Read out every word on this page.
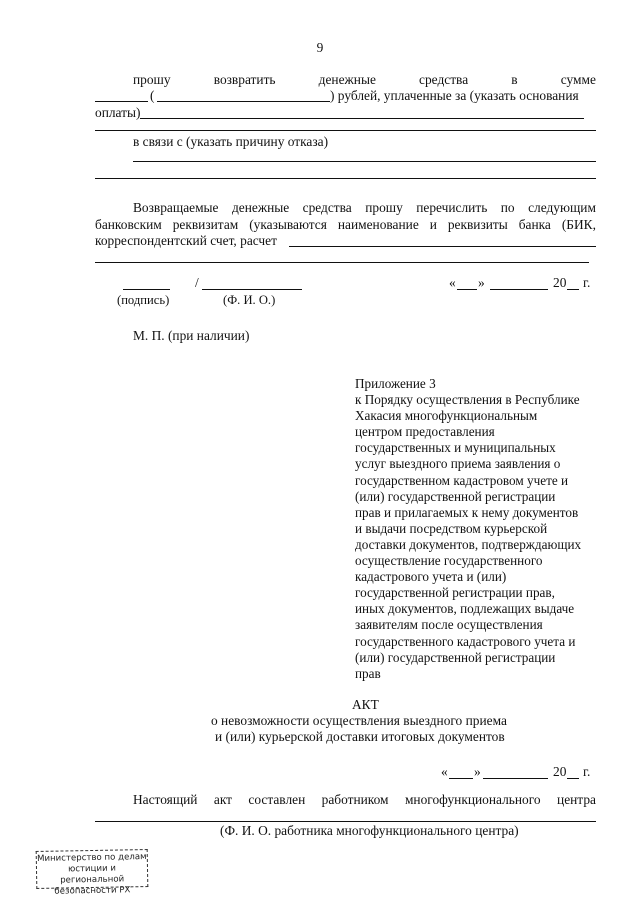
9
прошу	возвратить	денежные	средства	в	сумме
(	) рублей, уплаченные за (указать основания
оплаты)
в связи с (указать причину отказа)
Возвращаемые денежные средства прошу перечислить по следующим
банковским реквизитам (указываются наименование и реквизиты банка (БИК,
корреспондентский счет, расчет
/	« »	20 г.
(подпись)	(Ф. И. О.)
М. П. (при наличии)
Приложение 3
к Порядку осуществления в Республике
Хакасия многофункциональным
центром предоставления
государственных и муниципальных
услуг выездного приема заявления о
государственном кадастровом учете и
(или) государственной регистрации
прав и прилагаемых к нему документов
и выдачи посредством курьерской
доставки документов, подтверждающих
осуществление государственного
кадастрового учета и (или)
государственной регистрации прав,
иных документов, подлежащих выдаче
заявителям после осуществления
государственного кадастрового учета и
(или) государственной регистрации
прав
АКТ
о невозможности осуществления выездного приема
и (или) курьерской доставки итоговых документов
« »	20 г.
Настоящий акт составлен работником многофункционального центра
(Ф. И. О. работника многофункционального центра)
Министерство по делам
юстиции и региональной
безопасности РХ
